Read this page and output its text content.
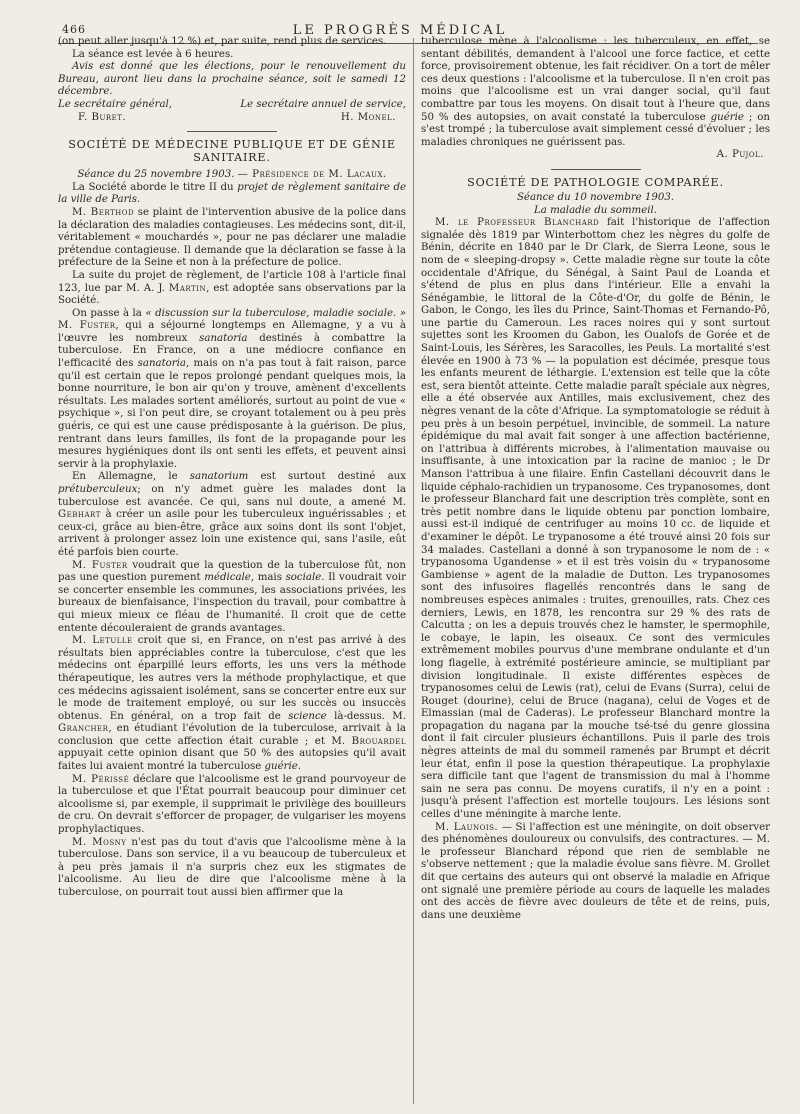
466	LE PROGRÈS MÉDICAL

(on peut aller jusqu'à 12 %) et, par suite, rend plus de services.

La séance est levée à 6 heures.

Avis est donné que les élections, pour le renouvellement du Bureau, auront lieu dans la prochaine séance, soit le samedi 12 décembre.

Le secrétaire général,	Le secrétaire annuel de service,
F. Buret.	H. Monel.
SOCIÉTÉ DE MÉDECINE PUBLIQUE ET DE GÉNIE SANITAIRE.
Séance du 25 novembre 1903. — Présidence de M. Lacaux.

La Société aborde le titre II du projet de règlement sanitaire de la ville de Paris.

M. Berthod se plaint de l'intervention abusive de la police dans la déclaration des maladies contagieuses. Les médecins sont, dit-il, véritablement « mouchardés », pour ne pas déclarer une maladie prétendue contagieuse. Il demande que la déclaration se fasse à la préfecture de la Seine et non à la préfecture de police.

La suite du projet de règlement, de l'article 108 à l'article final 123, lue par M. A. J. Martin, est adoptée sans observations par la Société.

On passe à la « discussion sur la tuberculose, maladie sociale. » M. Fuster, qui a séjourné longtemps en Allemagne, y a vu à l'œuvre les nombreux sanatoria destinés à combattre la tuberculose. En France, on a une médiocre confiance en l'efficacité des sanatoria, mais on n'a pas tout à fait raison, parce qu'il est certain que le repos prolongé pendant quelques mois, la bonne nourriture, le bon air qu'on y trouve, amènent d'excellents résultats. Les malades sortent améliorés, surtout au point de vue « psychique », si l'on peut dire, se croyant totalement ou à peu près guéris, ce qui est une cause prédisposante à la guérison. De plus, rentrant dans leurs familles, ils font de la propagande pour les mesures hygiéniques dont ils ont senti les effets, et peuvent ainsi servir à la prophylaxie.

En Allemagne, le sanatorium est surtout destiné aux prétuberculeux; on n'y admet guère les malades dont la tuberculose est avancée. Ce qui, sans nul doute, a amené M. Gebhart à créer un asile pour les tuberculeux inguérissables ; et ceux-ci, grâce au bien-être, grâce aux soins dont ils sont l'objet, arrivent à prolonger assez loin une existence qui, sans l'asile, eût été parfois bien courte.

M. Fuster voudrait que la question de la tuberculose fût, non pas une question purement médicale, mais sociale. Il voudrait voir se concerter ensemble les communes, les associations privées, les bureaux de bienfaisance, l'inspection du travail, pour combattre à qui mieux mieux ce fléau de l'humanité. Il croit que de cette entente découleraient de grands avantages.

M. Letulle croit que si, en France, on n'est pas arrivé à des résultats bien appréciables contre la tuberculose, c'est que les médecins ont éparpillé leurs efforts, les uns vers la méthode thérapeutique, les autres vers la méthode prophylactique, et que ces médecins agissaient isolément, sans se concerter entre eux sur le mode de traitement employé, ou sur les succès ou insuccès obtenus. En général, on a trop fait de science là-dessus. M. Grancher, en étudiant l'évolution de la tuberculose, arrivait à la conclusion que cette affection était curable ; et M. Brouardel appuyait cette opinion disant que 50 % des autopsies qu'il avait faites lui avaient montré la tuberculose guérie.

M. Périssé déclare que l'alcoolisme est le grand pourvoyeur de la tuberculose et que l'État pourrait beaucoup pour diminuer cet alcoolisme si, par exemple, il supprimait le privilège des bouilleurs de cru. On devrait s'efforcer de propager, de vulgariser les moyens prophylactiques.

M. Mosny n'est pas du tout d'avis que l'alcoolisme mène à la tuberculose. Dans son service, il a vu beaucoup de tuberculeux et à peu près jamais il n'a surpris chez eux les stigmates de l'alcoolisme. Au lieu de dire que l'alcoolisme mène à la tuberculose, on pourrait tout aussi bien affirmer que la

tuberculose mène à l'alcoolisme : les tuberculeux, en effet, se sentant débilités, demandent à l'alcool une force factice, et cette force, provisoirement obtenue, les fait récidiver. On a tort de mêler ces deux questions : l'alcoolisme et la tuberculose. Il n'en croit pas moins que l'alcoolisme est un vrai danger social, qu'il faut combattre par tous les moyens. On disait tout à l'heure que, dans 50 % des autopsies, on avait constaté la tuberculose guérie ; on s'est trompé ; la tuberculose avait simplement cessé d'évoluer ; les maladies chroniques ne guérissent pas.

A. Pujol.
SOCIÉTÉ DE PATHOLOGIE COMPARÉE.
Séance du 10 novembre 1903.
La maladie du sommeil.

M. le Professeur Blanchard fait l'historique de l'affection signalée dès 1819 par Winterbottom chez les nègres du golfe de Bénin, décrite en 1840 par le Dr Clark, de Sierra Leone, sous le nom de « sleeping-dropsy ». Cette maladie règne sur toute la côte occidentale d'Afrique, du Sénégal, à Saint Paul de Loanda et s'étend de plus en plus dans l'intérieur. Elle a envahi la Sénégambie, le littoral de la Côte-d'Or, du golfe de Bénin, le Gabon, le Congo, les îles du Prince, Saint-Thomas et Fernando-Pô, une partie du Cameroun. Les races noires qui y sont surtout sujettes sont les Kroomen du Gabon, les Oualofs de Gorée et de Saint-Louis, les Sérères, les Saracolles, les Peuls. La mortalité s'est élevée en 1900 à 73 % — la population est décimée, presque tous les enfants meurent de léthargie. L'extension est telle que la côte est, sera bientôt atteinte. Cette maladie paraît spéciale aux nègres, elle a été observée aux Antilles, mais exclusivement, chez des nègres venant de la côte d'Afrique. La symptomatologie se réduit à peu près à un besoin perpétuel, invincible, de sommeil. La nature épidémique du mal avait fait songer à une affection bactérienne, on l'attribua à différents microbes, à l'alimentation mauvaise ou insuffisante, à une intoxication par la racine de manioc ; le Dr Manson l'attribua à une filaire. Enfin Castellani découvrit dans le liquide céphalo-rachidien un trypanosome. Ces trypanosomes, dont le professeur Blanchard fait une description très complète, sont en très petit nombre dans le liquide obtenu par ponction lombaire, aussi est-il indiqué de centrifuger au moins 10 cc. de liquide et d'examiner le dépôt. Le trypanosome a été trouvé ainsi 20 fois sur 34 malades. Castellani a donné à son trypanosome le nom de : « trypanosoma Ugandense » et il est très voisin du « trypanosome Gambiense » agent de la maladie de Dutton. Les trypanosomes sont des infusoires flagellés rencontrés dans le sang de nombreuses espèces animales : truites, grenouilles, rats. Chez ces derniers, Lewis, en 1878, les rencontra sur 29 % des rats de Calcutta ; on les a depuis trouvés chez le hamster, le spermophile, le cobaye, le lapin, les oiseaux. Ce sont des vermicules extrêmement mobiles pourvus d'une membrane ondulante et d'un long flagelle, à extrémité postérieure amincie, se multipliant par division longitudinale. Il existe différentes espèces de trypanosomes celui de Lewis (rat), celui de Evans (Surra), celui de Rouget (dourine), celui de Bruce (nagana), celui de Voges et de Elmassian (mal de Caderas). Le professeur Blanchard montre la propagation du nagana par la mouche tsé-tsé du genre glossina dont il fait circuler plusieurs échantillons. Puis il parle des trois nègres atteints de mal du sommeil ramenés par Brumpt et décrit leur état, enfin il pose la question thérapeutique. La prophylaxie sera difficile tant que l'agent de transmission du mal à l'homme sain ne sera pas connu. De moyens curatifs, il n'y en a point : jusqu'à présent l'affection est mortelle toujours. Les lésions sont celles d'une méningite à marche lente.

M. Launois. — Si l'affection est une méningite, on doit observer des phénomènes douloureux ou convulsifs, des contractures. — M. le professeur Blanchard répond que rien de semblable ne s'observe nettement ; que la maladie évolue sans fièvre. M. Grollet dit que certains des auteurs qui ont observé la maladie en Afrique ont signalé une première période au cours de laquelle les malades ont des accès de fièvre avec douleurs de tête et de reins, puis, dans une deuxième
